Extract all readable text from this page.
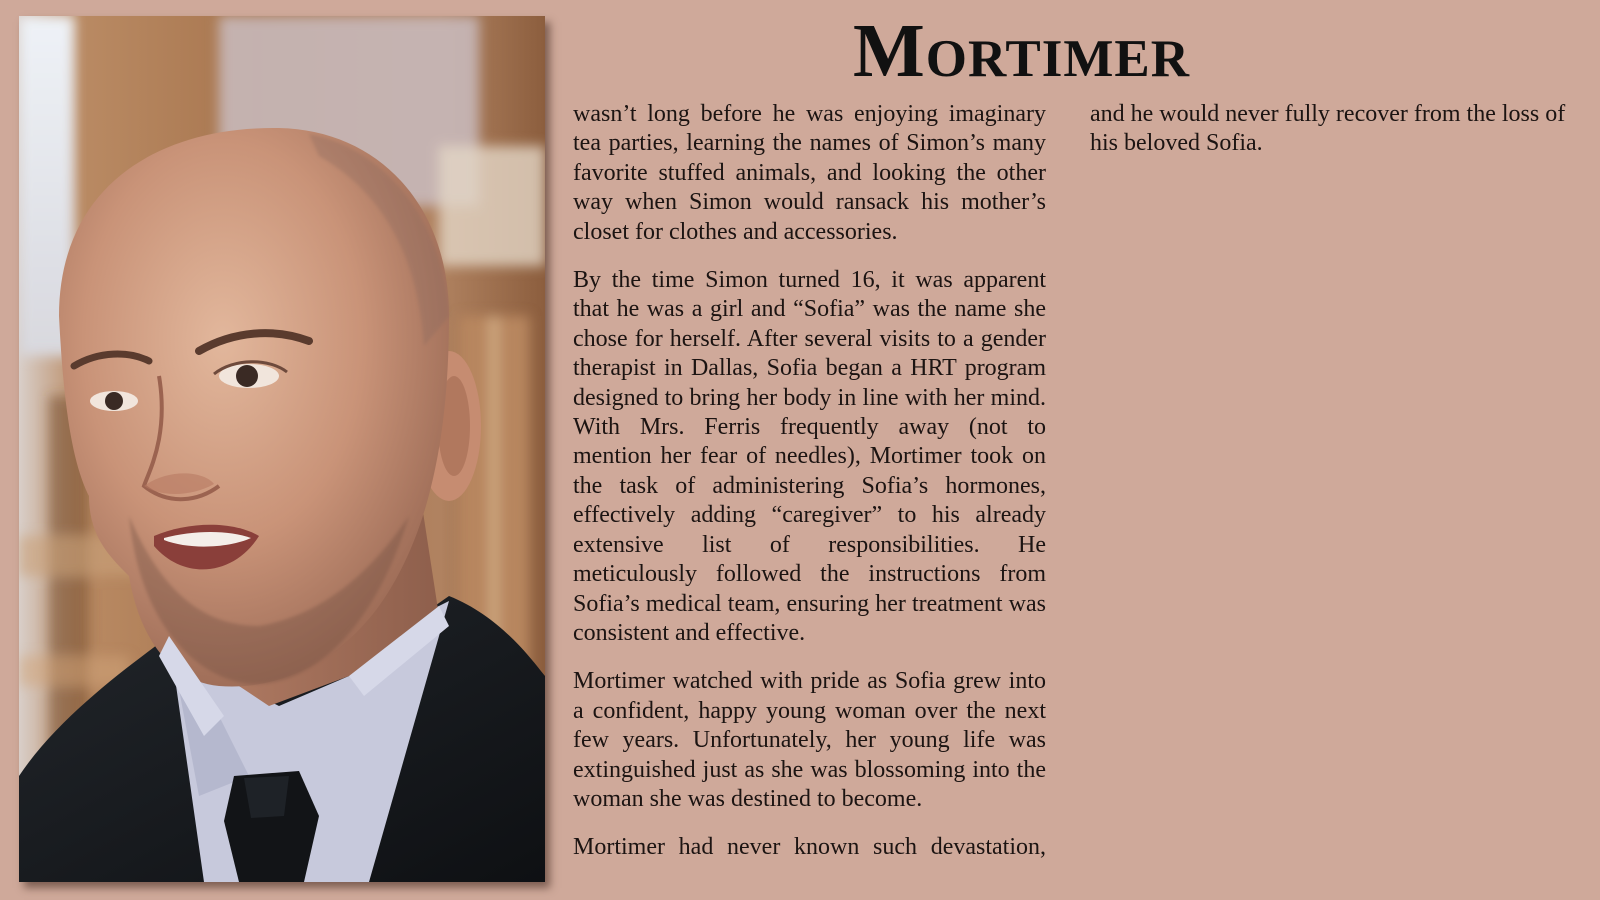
Mortimer

wasn’t long before he was enjoying imaginary tea parties, learning the names of Simon’s many favorite stuffed animals, and looking the other way when Simon would ransack his mother’s closet for clothes and accessories.

By the time Simon turned 16, it was apparent that he was a girl and “Sofia” was the name she chose for herself. After several visits to a gender therapist in Dallas, Sofia began a HRT program designed to bring her body in line with her mind. With Mrs. Ferris frequently away (not to mention her fear of needles), Mortimer took on the task of administering Sofia’s hormones, effectively adding “caregiver” to his already extensive list of responsibilities. He meticulously followed the instructions from Sofia’s medical team, ensuring her treatment was consistent and effective.

Mortimer watched with pride as Sofia grew into a confident, happy young woman over the next few years. Unfortunately, her young life was extinguished just as she was blossoming into the woman she was destined to become.

Mortimer had never known such devastation,

and he would never fully recover from the loss of his beloved Sofia.
